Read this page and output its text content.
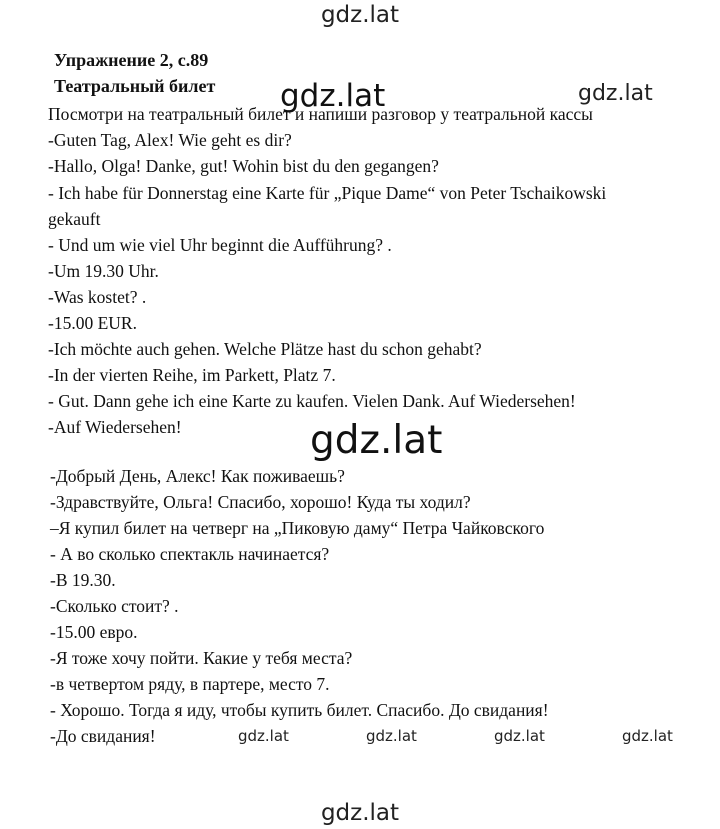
gdz.lat
Упражнение 2, с.89
Театральный билет
Посмотри на театральный билет и напиши разговор у театральной кассы
gdz.lat	gdz.lat
-Guten Tag, Alex! Wie geht es dir?
-Hallo, Olga! Danke, gut! Wohin bist du den gegangen?
- Ich habe für Donnerstag eine Karte für „Pique Dame“ von Peter Tschaikowski
gekauft
- Und um wie viel Uhr beginnt die Aufführung? .
-Um 19.30 Uhr.
-Was kostet? .
-15.00 EUR.
-Ich möchte auch gehen. Welche Plätze hast du schon gehabt?
-In der vierten Reihe, im Parkett, Platz 7.
- Gut. Dann gehe ich eine Karte zu kaufen. Vielen Dank. Auf Wiedersehen!
-Auf Wiedersehen!	gdz.lat
-Добрый День, Алекс! Как поживаешь?
-Здравствуйте, Ольга! Спасибо, хорошо! Куда ты ходил?
–Я купил билет на четверг на „Пиковую даму“ Петра Чайковского
- А во сколько спектакль начинается?
-В 19.30.
-Сколько стоит? .
-15.00 евро.
-Я тоже хочу пойти. Какие у тебя места?
-в четвертом ряду, в партере, место 7.
- Хорошо. Тогда я иду, чтобы купить билет. Спасибо. До свидания!
-До свидания!	gdz.lat	gdz.lat	gdz.lat	gdz.lat
gdz.lat
